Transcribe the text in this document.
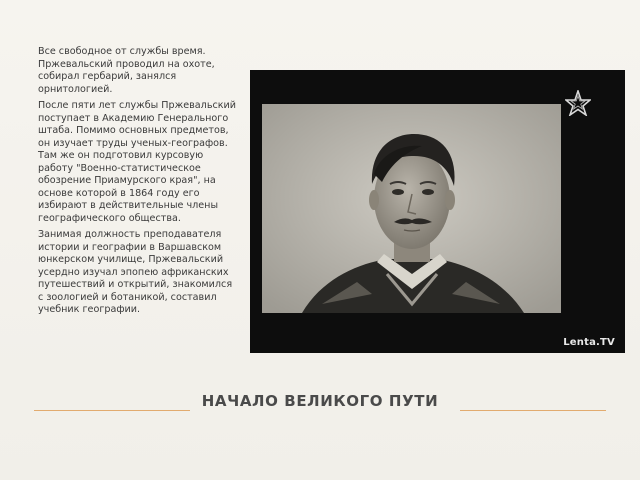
Все свободное от службы время. Пржевальский проводил на охоте, собирал гербарий, занялся орнитологией.

После пяти лет службы Пржевальский поступает в Академию Генерального штаба. Помимо основных предметов, он изучает труды ученых-географов. Там же он подготовил курсовую работу "Военно-статистическое обозрение Приамурского края", на основе которой в 1864 году его избирают в действительные члены географического общества.

Занимая должность преподавателя истории и географии в Варшавском юнкерском училище, Пржевальский усердно изучал эпопею африканских путешествий и открытий, знакомился с зоологией и ботаникой, составил учебник географии.

Lenta.TV
НАЧАЛО ВЕЛИКОГО ПУТИ
